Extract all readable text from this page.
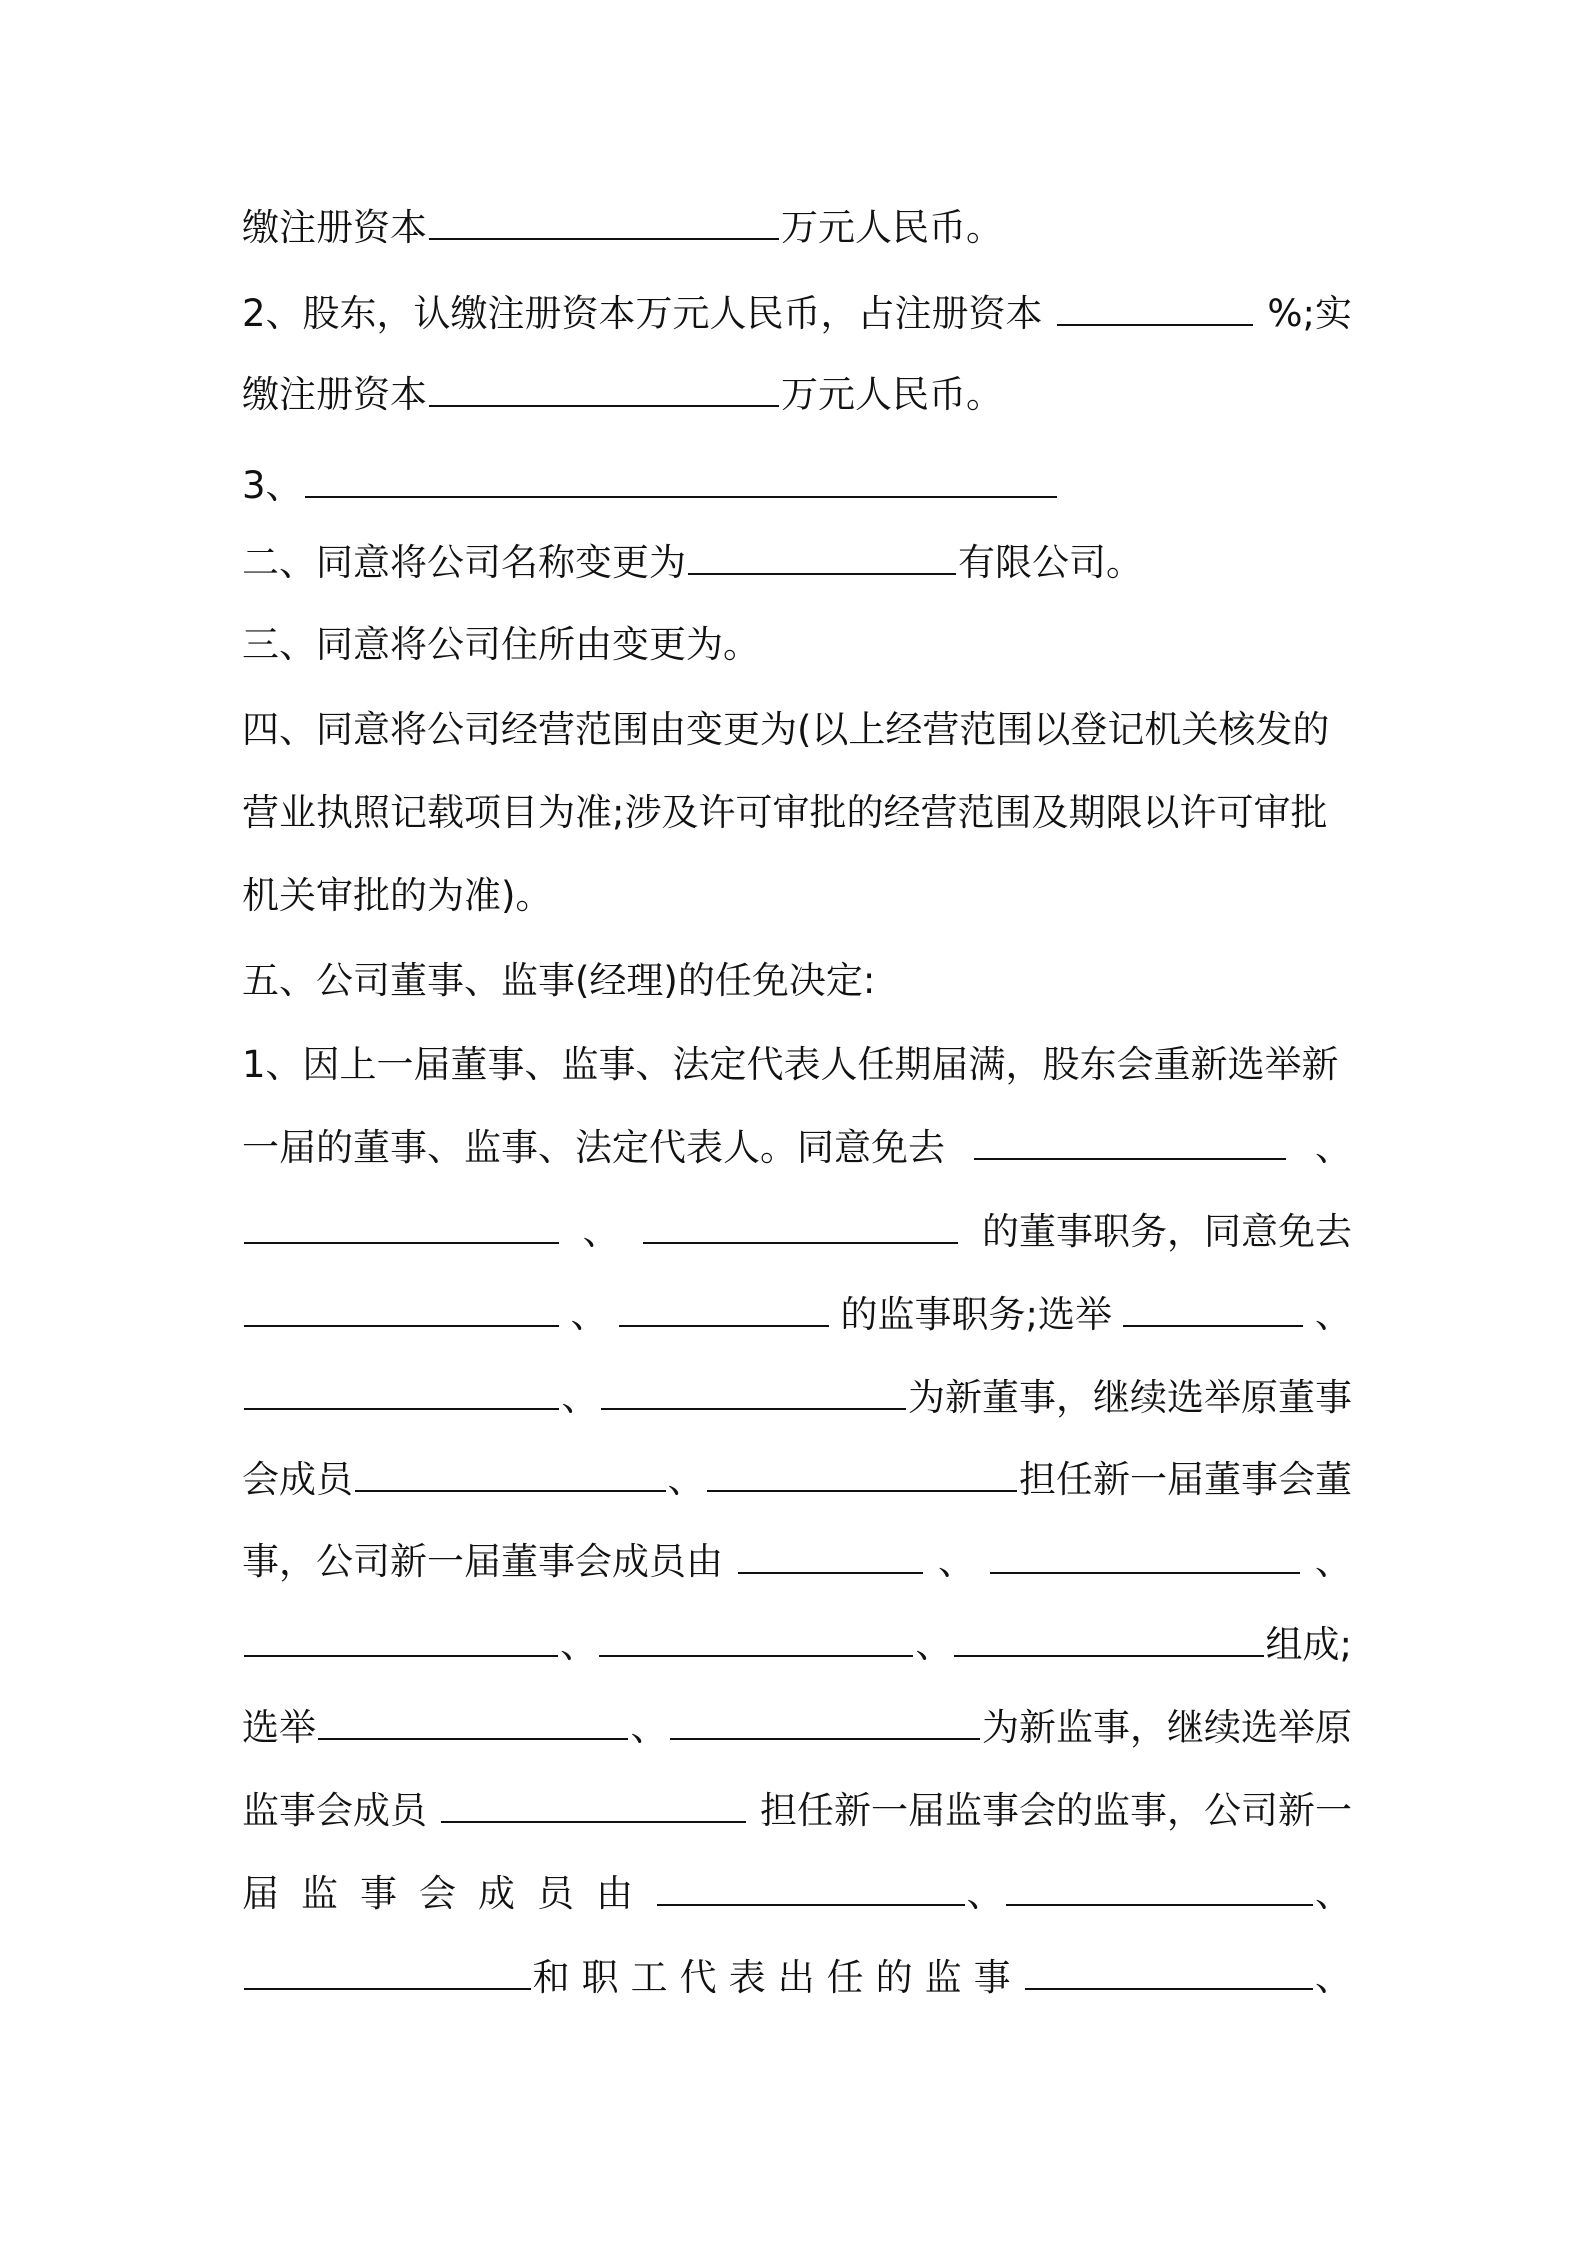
缴注册资本	万元人民币。
2、股东，认缴注册资本万元人民币，占注册资本	%;实
缴注册资本	万元人民币。
3、
二、同意将公司名称变更为	有限公司。
三、同意将公司住所由变更为。
四、同意将公司经营范围由变更为(以上经营范围以登记机关核发的
营业执照记载项目为准;涉及许可审批的经营范围及期限以许可审批
机关审批的为准)。
五、公司董事、监事(经理)的任免决定:
1、因上一届董事、监事、法定代表人任期届满，股东会重新选举新
一届的董事、监事、法定代表人。同意免去	、
、	的董事职务，同意免去
、	的监事职务;选举	、
、	为新董事，继续选举原董事
会成员	、	担任新一届董事会董
事，公司新一届董事会成员由	、	、
、	、	组成;
选举	、	为新监事，继续选举原
监事会成员	担任新一届监事会的监事，公司新一
届监事会成员由	、	、
和职工代表出任的监事	、
